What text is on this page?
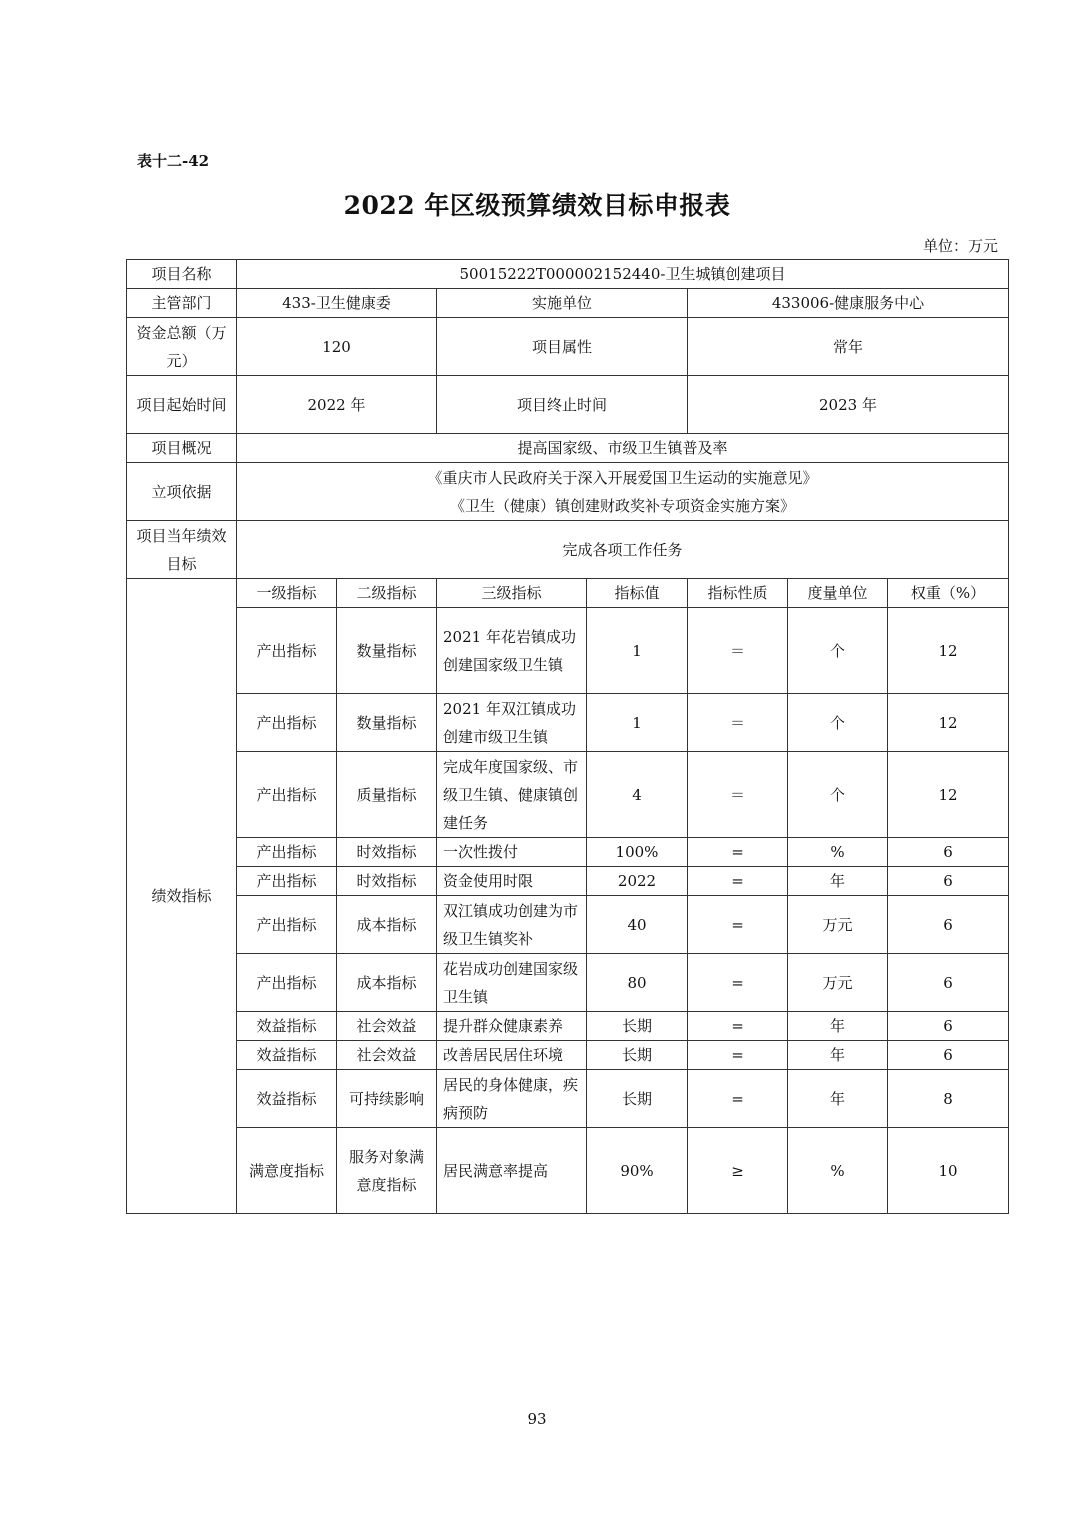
表十二-42
2022 年区级预算绩效目标申报表
单位：万元
项目名称	50015222T000002152440-卫生城镇创建项目						
主管部门	433-卫生健康委		实施单位		433006-健康服务中心		
资金总额（万元）	120		项目属性		常年		
项目起始时间	2022 年		项目终止时间		2023 年		
项目概况	提高国家级、市级卫生镇普及率						
立项依据	《重庆市人民政府关于深入开展爱国卫生运动的实施意见》
《卫生（健康）镇创建财政奖补专项资金实施方案》						

项目当年绩效目标	完成各项工作任务						
绩效指标	一级指标	二级指标	三级指标	指标值	指标性质	度量单位	权重（%）
	产出指标	数量指标	2021 年花岩镇成功创建国家级卫生镇	1	＝	个	12
	产出指标	数量指标	2021 年双江镇成功创建市级卫生镇	1	＝	个	12
	产出指标	质量指标	完成年度国家级、市级卫生镇、健康镇创建任务	4	＝	个	12
	产出指标	时效指标	一次性拨付	100%	=	%	6
	产出指标	时效指标	资金使用时限	2022	=	年	6
	产出指标	成本指标	双江镇成功创建为市级卫生镇奖补	40	=	万元	6
	产出指标	成本指标	花岩成功创建国家级卫生镇	80	=	万元	6
	效益指标	社会效益	提升群众健康素养	长期	=	年	6
	效益指标	社会效益	改善居民居住环境	长期	=	年	6
	效益指标	可持续影响	居民的身体健康，疾病预防	长期	=	年	8
	满意度指标	服务对象满意度指标	居民满意率提高	90%	≥	%	10
93
